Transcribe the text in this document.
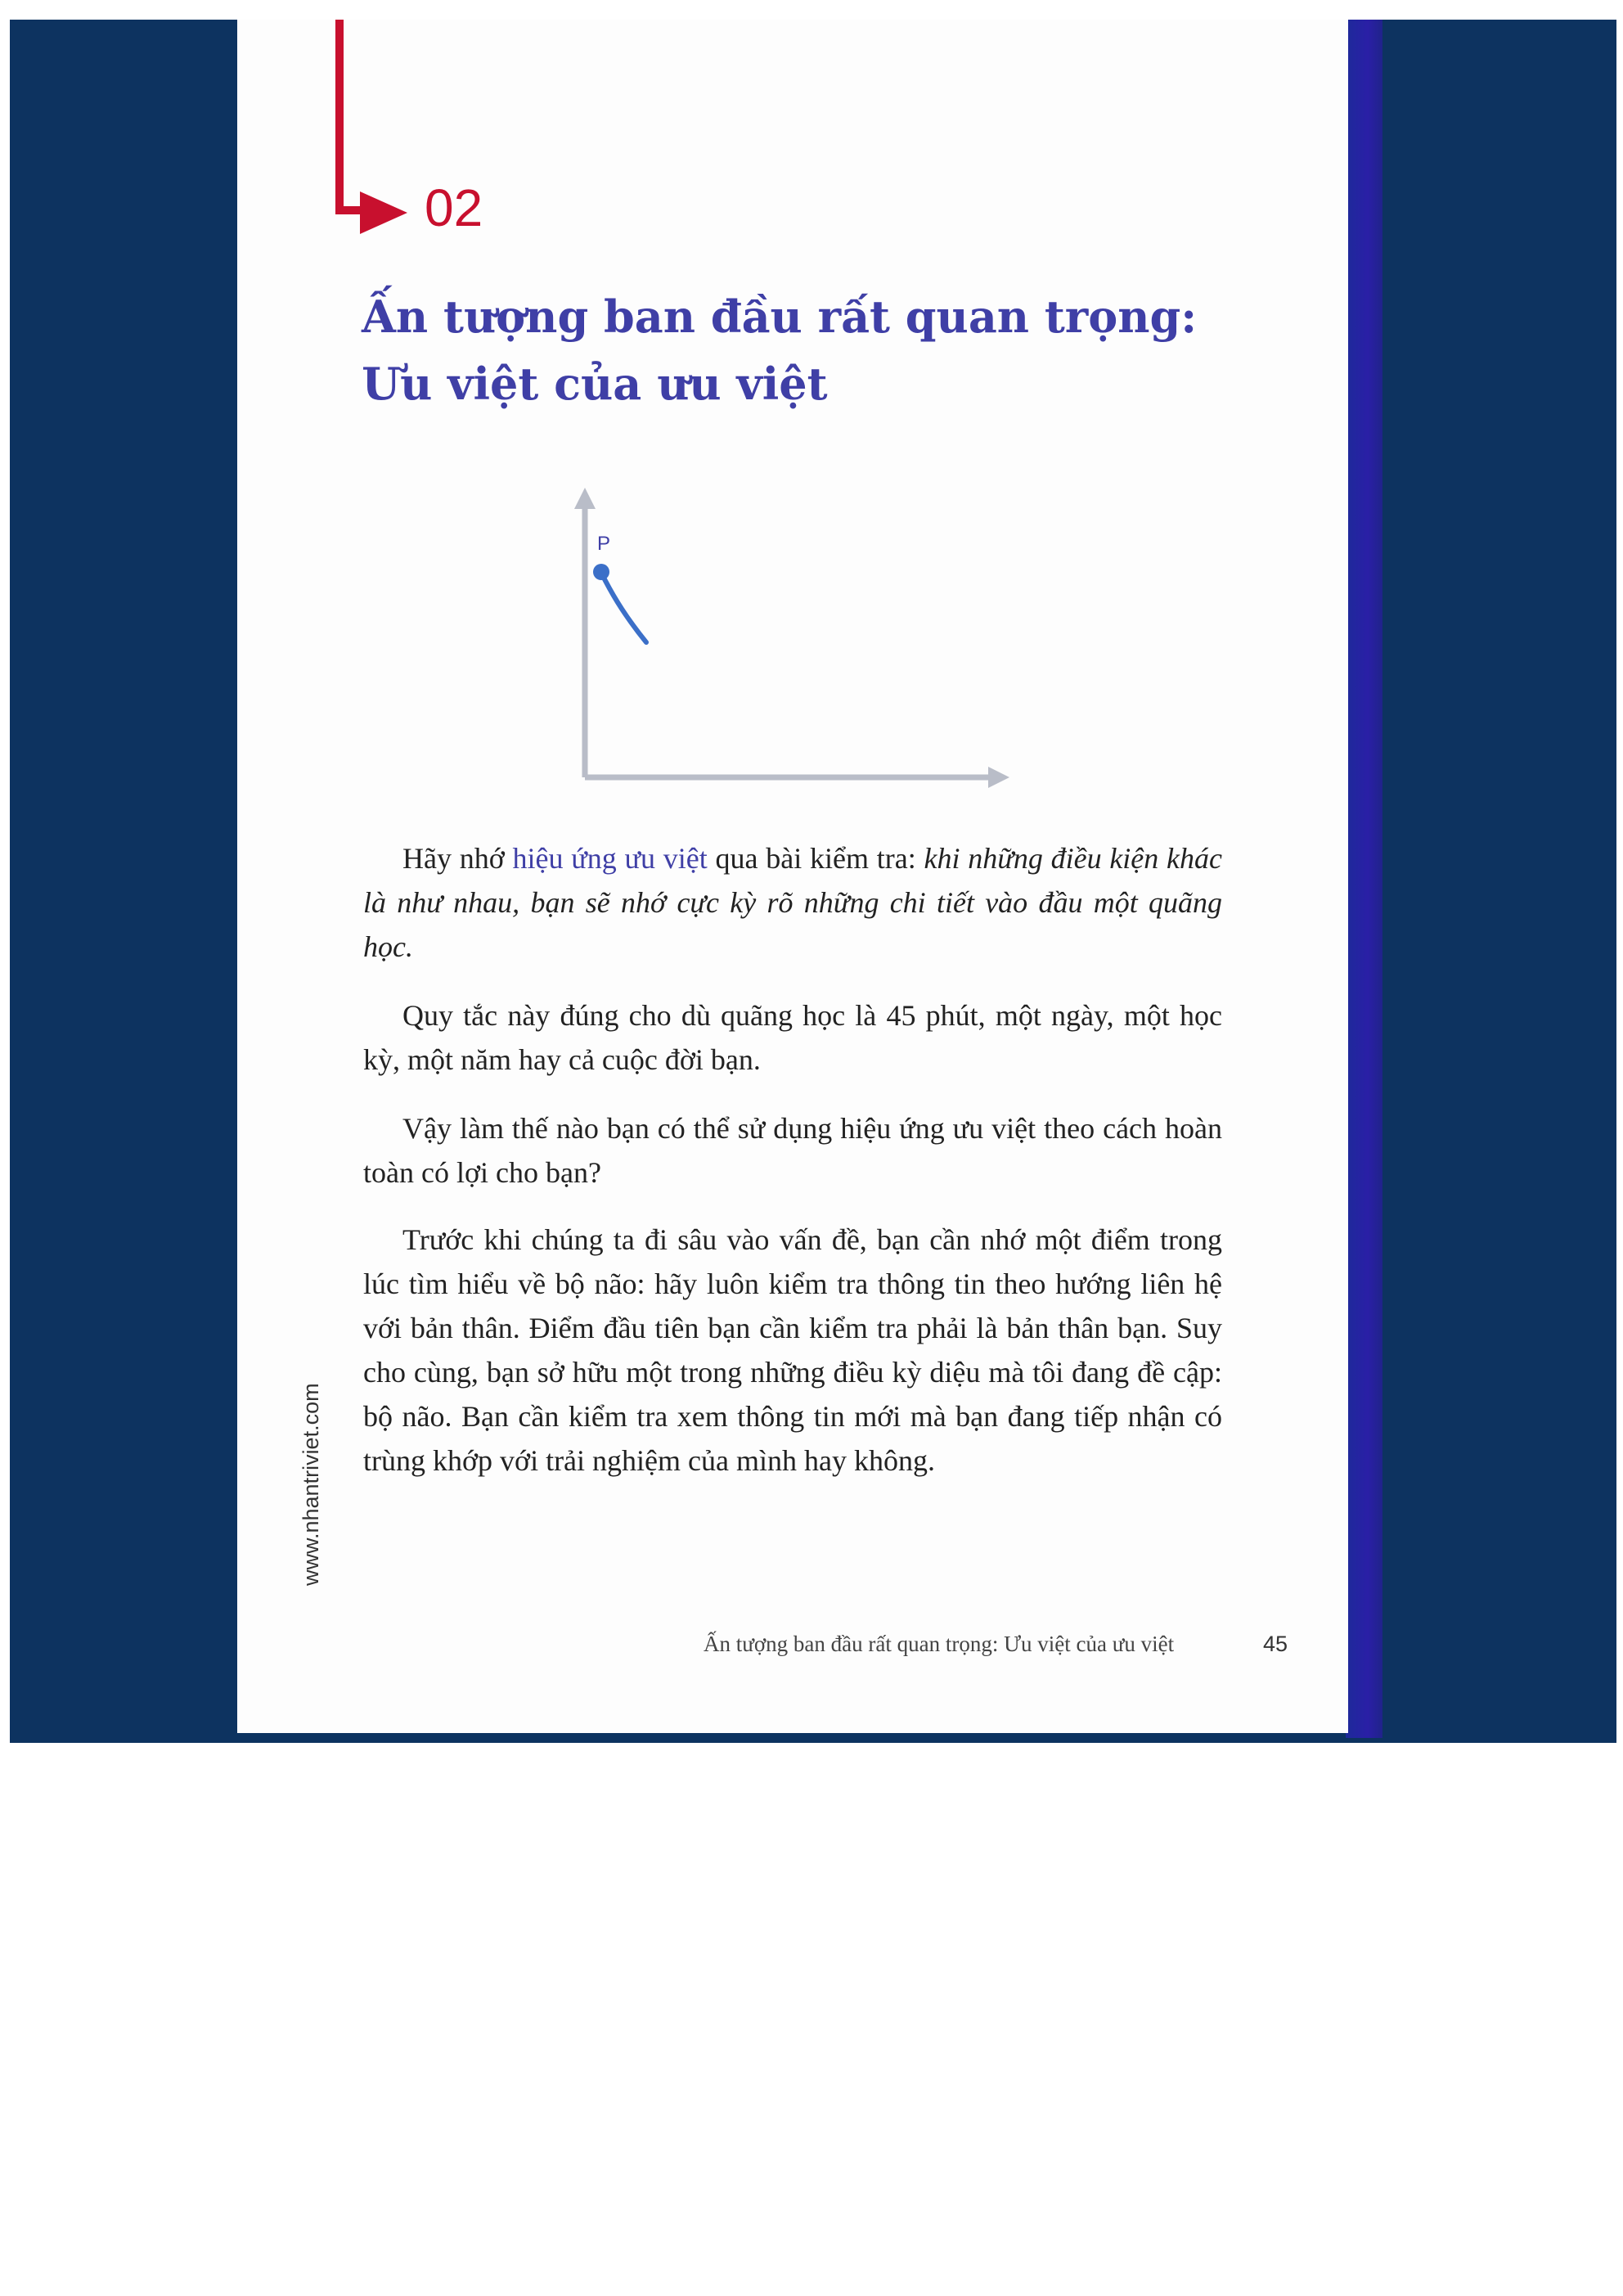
02
Ấn tượng ban đầu rất quan trọng:
Ưu việt của ưu việt
P

Hãy nhớ hiệu ứng ưu việt qua bài kiểm tra: khi những điều kiện khác là như nhau, bạn sẽ nhớ cực kỳ rõ những chi tiết vào đầu một quãng học.

Quy tắc này đúng cho dù quãng học là 45 phút, một ngày, một học kỳ, một năm hay cả cuộc đời bạn.

Vậy làm thế nào bạn có thể sử dụng hiệu ứng ưu việt theo cách hoàn toàn có lợi cho bạn?

Trước khi chúng ta đi sâu vào vấn đề, bạn cần nhớ một điểm trong lúc tìm hiểu về bộ não: hãy luôn kiểm tra thông tin theo hướng liên hệ với bản thân. Điểm đầu tiên bạn cần kiểm tra phải là bản thân bạn. Suy cho cùng, bạn sở hữu một trong những điều kỳ diệu mà tôi đang đề cập: bộ não. Bạn cần kiểm tra xem thông tin mới mà bạn đang tiếp nhận có trùng khớp với trải nghiệm của mình hay không.

www.nhantriviet.com
Ấn tượng ban đầu rất quan trọng: Ưu việt của ưu việt	45
